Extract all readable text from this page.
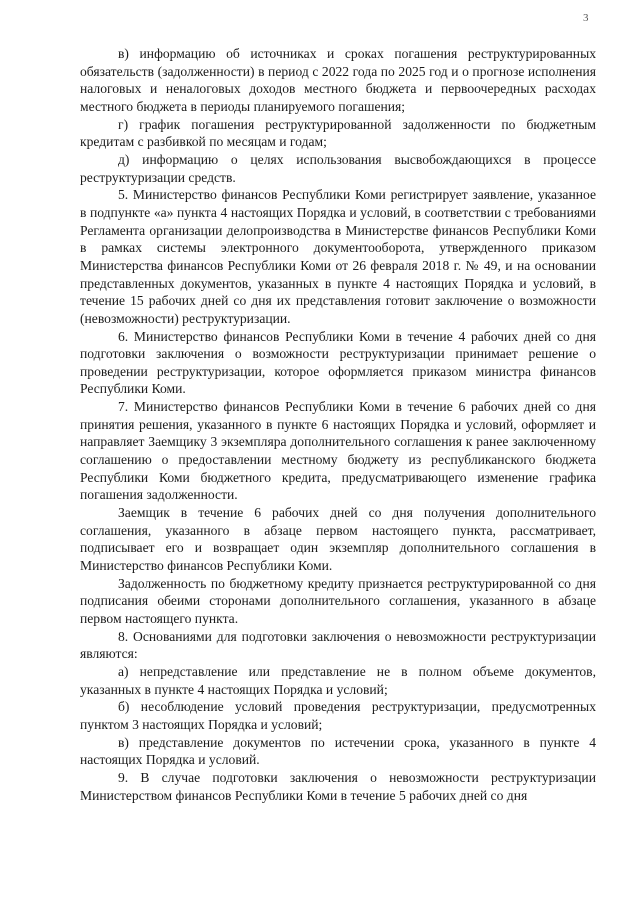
3

в) информацию об источниках и сроках погашения реструктурированных обязательств (задолженности) в период с 2022 года по 2025 год и о прогнозе исполнения налоговых и неналоговых доходов местного бюджета и первоочередных расходах местного бюджета в периоды планируемого погашения;

г) график погашения реструктурированной задолженности по бюджетным кредитам с разбивкой по месяцам и годам;

д) информацию о целях использования высвобождающихся в процессе реструктуризации средств.

5. Министерство финансов Республики Коми регистрирует заявление, указанное в подпункте «а» пункта 4 настоящих Порядка и условий, в соответствии с требованиями Регламента организации делопроизводства в Министерстве финансов Республики Коми в рамках системы электронного документооборота, утвержденного приказом Министерства финансов Республики Коми от 26 февраля 2018 г. № 49, и на основании представленных документов, указанных в пункте 4 настоящих Порядка и условий, в течение 15 рабочих дней со дня их представления готовит заключение о возможности (невозможности) реструктуризации.

6. Министерство финансов Республики Коми в течение 4 рабочих дней со дня подготовки заключения о возможности реструктуризации принимает решение о проведении реструктуризации, которое оформляется приказом министра финансов Республики Коми.

7. Министерство финансов Республики Коми в течение 6 рабочих дней со дня принятия решения, указанного в пункте 6 настоящих Порядка и условий, оформляет и направляет Заемщику 3 экземпляра дополнительного соглашения к ранее заключенному соглашению о предоставлении местному бюджету из республиканского бюджета Республики Коми бюджетного кредита, предусматривающего изменение графика погашения задолженности.

Заемщик в течение 6 рабочих дней со дня получения дополнительного соглашения, указанного в абзаце первом настоящего пункта, рассматривает, подписывает его и возвращает один экземпляр дополнительного соглашения в Министерство финансов Республики Коми.

Задолженность по бюджетному кредиту признается реструктурированной со дня подписания обеими сторонами дополнительного соглашения, указанного в абзаце первом настоящего пункта.

8. Основаниями для подготовки заключения о невозможности реструктуризации являются:

а) непредставление или представление не в полном объеме документов, указанных в пункте 4 настоящих Порядка и условий;

б) несоблюдение условий проведения реструктуризации, предусмотренных пунктом 3 настоящих Порядка и условий;

в) представление документов по истечении срока, указанного в пункте 4 настоящих Порядка и условий.

9. В случае подготовки заключения о невозможности реструктуризации Министерством финансов Республики Коми в течение 5 рабочих дней со дня
